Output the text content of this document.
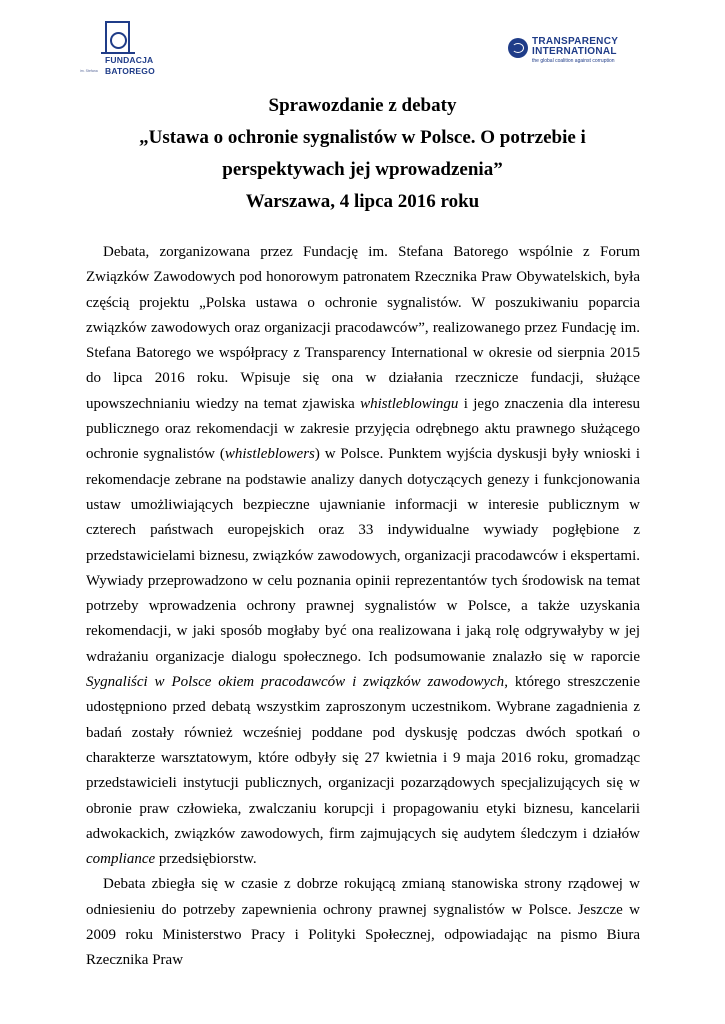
FUNDACJA
im. Stefana BATOREGO
TRANSPARENCY
INTERNATIONAL
the global coalition against corruption
Sprawozdanie z debaty
„Ustawa o ochronie sygnalistów w Polsce. O potrzebie i
perspektywach jej wprowadzenia”
Warszawa, 4 lipca 2016 roku

Debata, zorganizowana przez Fundację im. Stefana Batorego wspólnie z Forum Związków Zawodowych pod honorowym patronatem Rzecznika Praw Obywatelskich, była częścią projektu „Polska ustawa o ochronie sygnalistów. W poszukiwaniu poparcia związków zawodowych oraz organizacji pracodawców”, realizowanego przez Fundację im. Stefana Batorego we współpracy z Transparency International w okresie od sierpnia 2015 do lipca 2016 roku. Wpisuje się ona w działania rzecznicze fundacji, służące upowszechnianiu wiedzy na temat zjawiska whistleblowingu i jego znaczenia dla interesu publicznego oraz rekomendacji w zakresie przyjęcia odrębnego aktu prawnego służącego ochronie sygnalistów (whistleblowers) w Polsce. Punktem wyjścia dyskusji były wnioski i rekomendacje zebrane na podstawie analizy danych dotyczących genezy i funkcjonowania ustaw umożliwiających bezpieczne ujawnianie informacji w interesie publicznym w czterech państwach europejskich oraz 33 indywidualne wywiady pogłębione z przedstawicielami biznesu, związków zawodowych, organizacji pracodawców i ekspertami. Wywiady przeprowadzono w celu poznania opinii reprezentantów tych środowisk na temat potrzeby wprowadzenia ochrony prawnej sygnalistów w Polsce, a także uzyskania rekomendacji, w jaki sposób mogłaby być ona realizowana i jaką rolę odgrywałyby w jej wdrażaniu organizacje dialogu społecznego. Ich podsumowanie znalazło się w raporcie Sygnaliści w Polsce okiem pracodawców i związków zawodowych, którego streszczenie udostępniono przed debatą wszystkim zaproszonym uczestnikom. Wybrane zagadnienia z badań zostały również wcześniej poddane pod dyskusję podczas dwóch spotkań o charakterze warsztatowym, które odbyły się 27 kwietnia i 9 maja 2016 roku, gromadząc przedstawicieli instytucji publicznych, organizacji pozarządowych specjalizujących się w obronie praw człowieka, zwalczaniu korupcji i propagowaniu etyki biznesu, kancelarii adwokackich, związków zawodowych, firm zajmujących się audytem śledczym i działów compliance przedsiębiorstw.

Debata zbiegła się w czasie z dobrze rokującą zmianą stanowiska strony rządowej w odniesieniu do potrzeby zapewnienia ochrony prawnej sygnalistów w Polsce. Jeszcze w 2009 roku Ministerstwo Pracy i Polityki Społecznej, odpowiadając na pismo Biura Rzecznika Praw
